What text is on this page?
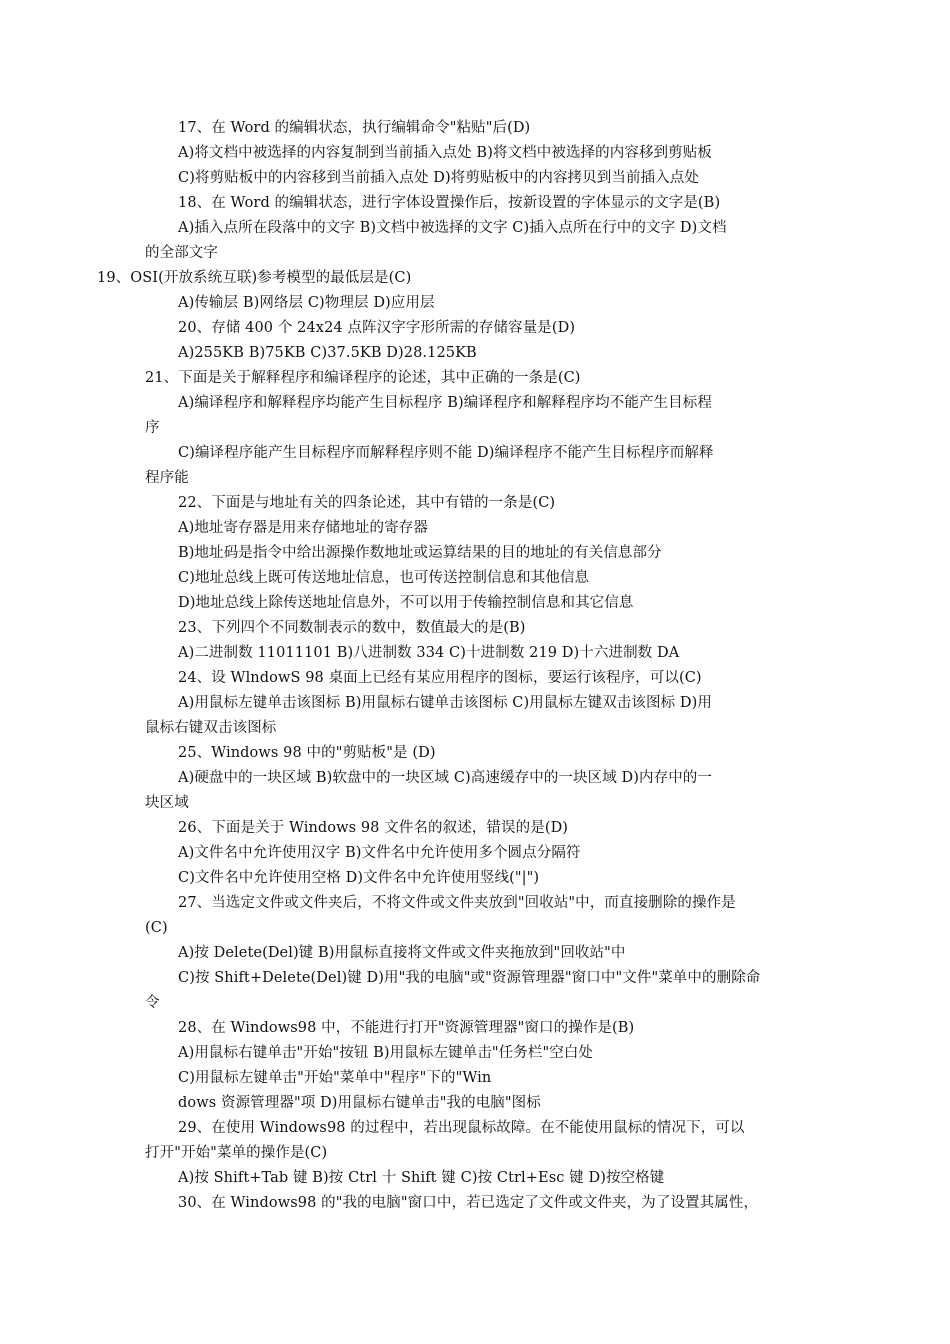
17、在 Word 的编辑状态，执行编辑命令"粘贴"后(D)
A)将文档中被选择的内容复制到当前插入点处 B)将文档中被选择的内容移到剪贴板
C)将剪贴板中的内容移到当前插入点处 D)将剪贴板中的内容拷贝到当前插入点处
18、在 Word 的编辑状态，进行字体设置操作后，按新设置的字体显示的文字是(B)
A)插入点所在段落中的文字 B)文档中被选择的文字 C)插入点所在行中的文字 D)文档
的全部文字
19、OSI(开放系统互联)参考模型的最低层是(C)
A)传输层 B)网络层 C)物理层 D)应用层
20、存储 400 个 24x24 点阵汉字字形所需的存储容量是(D)
A)255KB B)75KB C)37.5KB D)28.125KB
21、下面是关于解释程序和编译程序的论述，其中正确的一条是(C)
A)编译程序和解释程序均能产生目标程序 B)编译程序和解释程序均不能产生目标程
序
C)编译程序能产生目标程序而解释程序则不能 D)编译程序不能产生目标程序而解释
程序能
22、下面是与地址有关的四条论述，其中有错的一条是(C)
A)地址寄存器是用来存储地址的寄存器
B)地址码是指令中给出源操作数地址或运算结果的目的地址的有关信息部分
C)地址总线上既可传送地址信息，也可传送控制信息和其他信息
D)地址总线上除传送地址信息外，不可以用于传输控制信息和其它信息
23、下列四个不同数制表示的数中，数值最大的是(B)
A)二进制数 11011101 B)八进制数 334 C)十进制数 219 D)十六进制数 DA
24、设 WlndowS 98 桌面上已经有某应用程序的图标，要运行该程序，可以(C)
A)用鼠标左键单击该图标 B)用鼠标右键单击该图标 C)用鼠标左键双击该图标 D)用
鼠标右键双击该图标
25、Windows 98 中的"剪贴板"是 (D)
A)硬盘中的一块区域 B)软盘中的一块区域 C)高速缓存中的一块区域 D)内存中的一
块区域
26、下面是关于 Windows 98 文件名的叙述，错误的是(D)
A)文件名中允许使用汉字 B)文件名中允许使用多个圆点分隔符
C)文件名中允许使用空格 D)文件名中允许使用竖线("|")
27、当选定文件或文件夹后，不将文件或文件夹放到"回收站"中，而直接删除的操作是
(C)
A)按 Delete(Del)键 B)用鼠标直接将文件或文件夹拖放到"回收站"中
C)按 Shift+Delete(Del)键 D)用"我的电脑"或"资源管理器"窗口中"文件"菜单中的删除命
令
28、在 Windows98 中，不能进行打开"资源管理器"窗口的操作是(B)
A)用鼠标右键单击"开始"按钮 B)用鼠标左键单击"任务栏"空白处
C)用鼠标左键单击"开始"菜单中"程序"下的"Win
dows 资源管理器"项 D)用鼠标右键单击"我的电脑"图标
29、在使用 Windows98 的过程中，若出现鼠标故障。在不能使用鼠标的情况下，可以
打开"开始"菜单的操作是(C)
A)按 Shift+Tab 键 B)按 Ctrl 十 Shift 键 C)按 Ctrl+Esc 键 D)按空格键
30、在 Windows98 的"我的电脑"窗口中，若已选定了文件或文件夹，为了设置其属性，
